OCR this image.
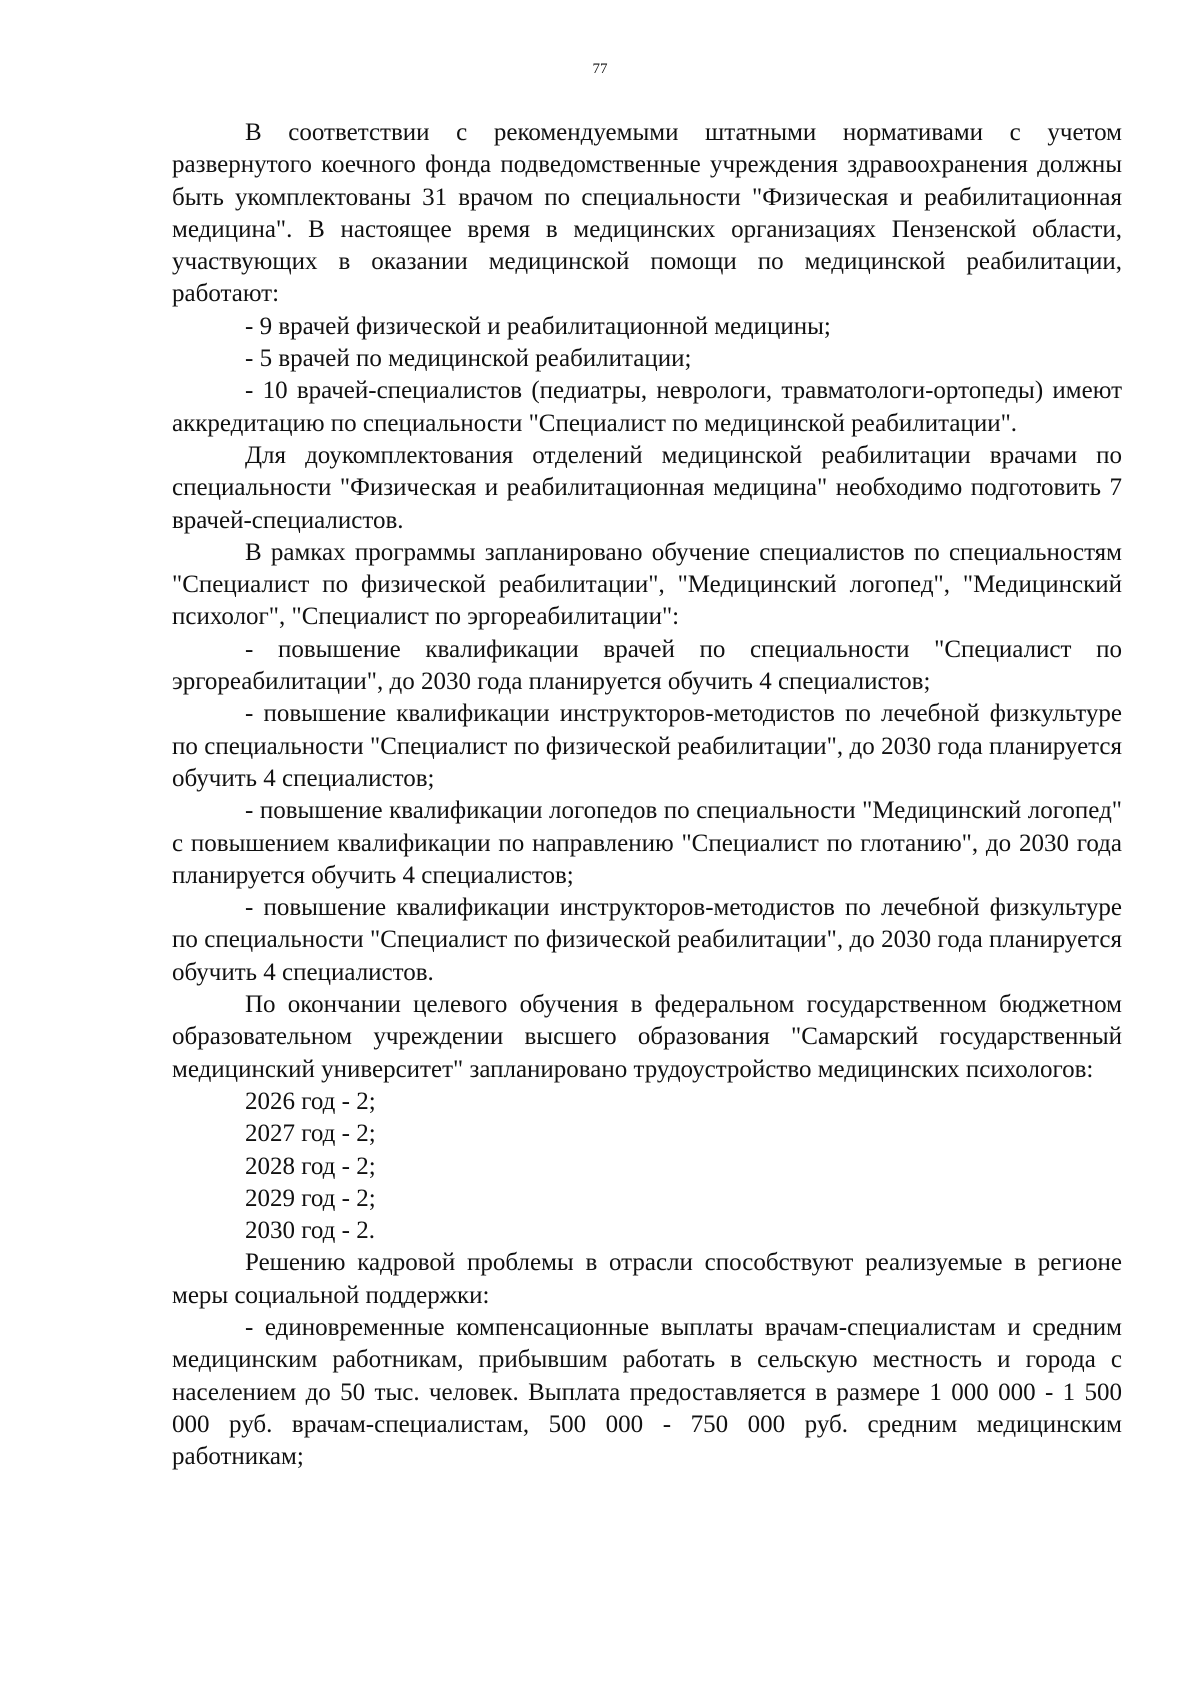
77

В соответствии с рекомендуемыми штатными нормативами с учетом развернутого коечного фонда подведомственные учреждения здравоохранения должны быть укомплектованы 31 врачом по специальности "Физическая и реабилитационная медицина". В настоящее время в медицинских организациях Пензенской области, участвующих в оказании медицинской помощи по медицинской реабилитации, работают:

- 9 врачей физической и реабилитационной медицины;

- 5 врачей по медицинской реабилитации;

- 10 врачей-специалистов (педиатры, неврологи, травматологи-ортопеды) имеют аккредитацию по специальности "Специалист по медицинской реабилитации".

Для доукомплектования отделений медицинской реабилитации врачами по специальности "Физическая и реабилитационная медицина" необходимо подготовить 7 врачей-специалистов.

В рамках программы запланировано обучение специалистов по специальностям "Специалист по физической реабилитации", "Медицинский логопед", "Медицинский психолог", "Специалист по эргореабилитации":

- повышение квалификации врачей по специальности "Специалист по эргореабилитации", до 2030 года планируется обучить 4 специалистов;

- повышение квалификации инструкторов-методистов по лечебной физкультуре по специальности "Специалист по физической реабилитации", до 2030 года планируется обучить 4 специалистов;

- повышение квалификации логопедов по специальности "Медицинский логопед" с повышением квалификации по направлению "Специалист по глотанию", до 2030 года планируется обучить 4 специалистов;

- повышение квалификации инструкторов-методистов по лечебной физкультуре по специальности "Специалист по физической реабилитации", до 2030 года планируется обучить 4 специалистов.

По окончании целевого обучения в федеральном государственном бюджетном образовательном учреждении высшего образования "Самарский государственный медицинский университет" запланировано трудоустройство медицинских психологов:

2026 год - 2;

2027 год - 2;

2028 год - 2;

2029 год - 2;

2030 год - 2.

Решению кадровой проблемы в отрасли способствуют реализуемые в регионе меры социальной поддержки:

- единовременные компенсационные выплаты врачам-специалистам и средним медицинским работникам, прибывшим работать в сельскую местность и города с населением до 50 тыс. человек. Выплата предоставляется в размере 1 000 000 - 1 500 000 руб. врачам-специалистам, 500 000 - 750 000 руб. средним медицинским работникам;
